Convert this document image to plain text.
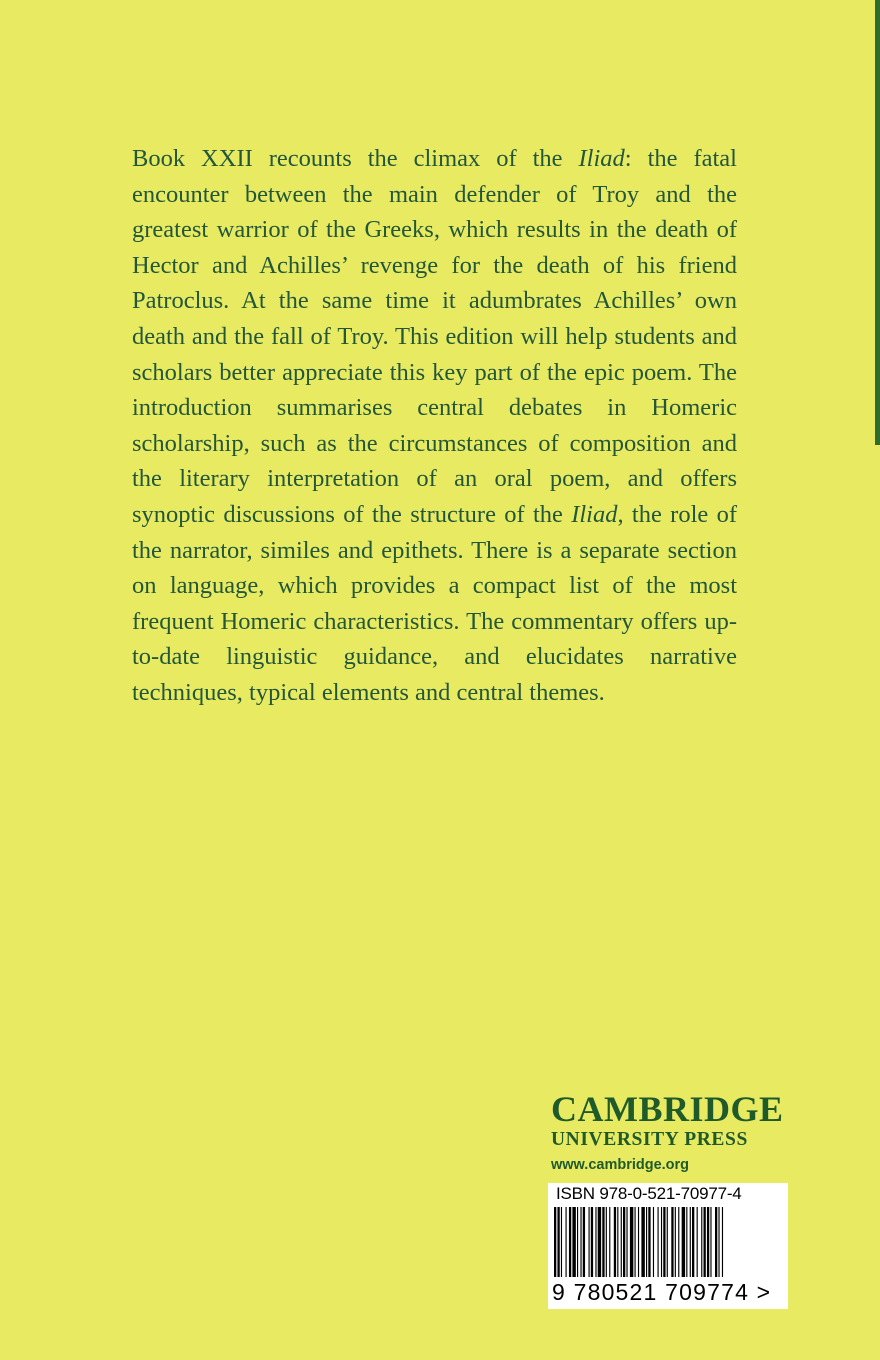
Book XXII recounts the climax of the Iliad: the fatal encounter between the main defender of Troy and the greatest warrior of the Greeks, which results in the death of Hector and Achilles’ revenge for the death of his friend Patroclus. At the same time it adumbrates Achilles’ own death and the fall of Troy. This edition will help students and scholars better appreciate this key part of the epic poem. The introduction summarises central debates in Homeric scholarship, such as the circumstances of composition and the literary interpretation of an oral poem, and offers synoptic discussions of the structure of the Iliad, the role of the narrator, similes and epithets. There is a separate section on language, which provides a compact list of the most frequent Homeric characteristics. The commentary offers up-to-date linguistic guidance, and elucidates narrative techniques, typical elements and central themes.

CAMBRIDGE
UNIVERSITY PRESS
www.cambridge.org
ISBN 978-0-521-70977-4
9 780521 709774 >
